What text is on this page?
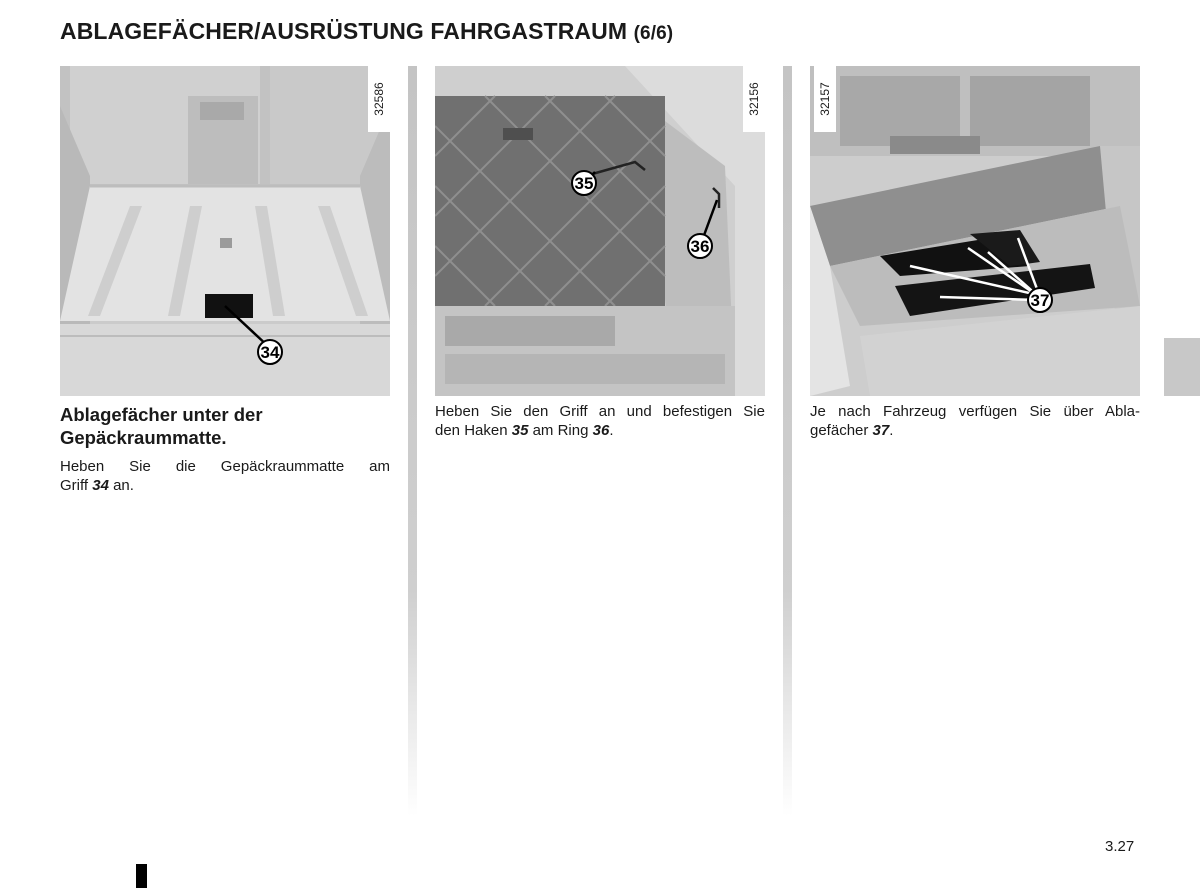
ABLAGEFÄCHER/AUSRÜSTUNG FAHRGASTRAUM (6/6)
34
32586
35
36
32156
37
32157
Ablagefächer unter der
Gepäckraummatte.
Heben Sie die Gepäckraummatte am
Griff 34 an.
Heben Sie den Griff an und befestigen Sie
den Haken 35 am Ring 36.
Je nach Fahrzeug verfügen Sie über Abla-
gefächer 37.
3.27
